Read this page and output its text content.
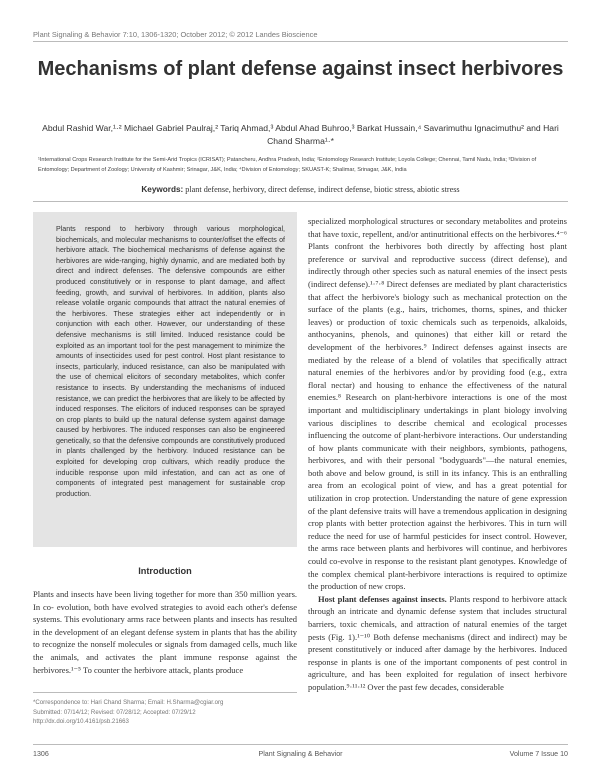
Plant Signaling & Behavior 7:10, 1306-1320; October 2012; © 2012 Landes Bioscience
Mechanisms of plant defense against insect herbivores
Abdul Rashid War,¹·² Michael Gabriel Paulraj,² Tariq Ahmad,³ Abdul Ahad Buhroo,³ Barkat Hussain,⁴ Savarimuthu Ignacimuthu² and Hari Chand Sharma¹·*
¹International Crops Research Institute for the Semi-Arid Tropics (ICRISAT); Patancheru, Andhra Pradesh, India; ²Entomology Research Institute; Loyola College; Chennai, Tamil Nadu, India; ³Division of Entomology; Department of Zoology; University of Kashmir; Srinagar, J&K, India; ⁴Division of Entomology; SKUAST-K; Shalimar, Srinagar, J&K, India
Keywords: plant defense, herbivory, direct defense, indirect defense, biotic stress, abiotic stress

Plants respond to herbivory through various morphological, biochemicals, and molecular mechanisms to counter/offset the effects of herbivore attack. The biochemical mechanisms of defense against the herbivores are wide-ranging, highly dynamic, and are mediated both by direct and indirect defenses. The defensive compounds are either produced constitutively or in response to plant damage, and affect feeding, growth, and survival of herbivores. In addition, plants also release volatile organic compounds that attract the natural enemies of the herbivores. These strategies either act independently or in conjunction with each other. However, our understanding of these defensive mechanisms is still limited. Induced resistance could be exploited as an important tool for the pest management to minimize the amounts of insecticides used for pest control. Host plant resistance to insects, particularly, induced resistance, can also be manipulated with the use of chemical elicitors of secondary metabolites, which confer resistance to insects. By understanding the mechanisms of induced resistance, we can predict the herbivores that are likely to be affected by induced responses. The elicitors of induced responses can be sprayed on crop plants to build up the natural defense system against damage caused by herbivores. The induced responses can also be engineered genetically, so that the defensive compounds are constitutively produced in plants challenged by the herbivory. Induced resistance can be exploited for developing crop cultivars, which readily produce the inducible response upon mild infestation, and can act as one of components of integrated pest management for sustainable crop production.

Introduction

Plants and insects have been living together for more than 350 million years. In co- evolution, both have evolved strategies to avoid each other's defense systems. This evolutionary arms race between plants and insects has resulted in the development of an elegant defense system in plants that has the ability to recognize the nonself molecules or signals from damaged cells, much like the animals, and activates the plant immune response against the herbivores.¹⁻⁵ To counter the herbivore attack, plants produce

specialized morphological structures or secondary metabolites and proteins that have toxic, repellent, and/or antinutritional effects on the herbivores.⁴⁻⁶ Plants confront the herbivores both directly by affecting host plant preference or survival and reproductive success (direct defense), and indirectly through other species such as natural enemies of the insect pests (indirect defense).¹·⁷·⁸ Direct defenses are mediated by plant characteristics that affect the herbivore's biology such as mechanical protection on the surface of the plants (e.g., hairs, trichomes, thorns, spines, and thicker leaves) or production of toxic chemicals such as terpenoids, alkaloids, anthocyanins, phenols, and quinones) that either kill or retard the development of the herbivores.⁹ Indirect defenses against insects are mediated by the release of a blend of volatiles that specifically attract natural enemies of the herbivores and/or by providing food (e.g., extra floral nectar) and housing to enhance the effectiveness of the natural enemies.⁸ Research on plant-herbivore interactions is one of the most important and multidisciplinary undertakings in plant biology involving various disciplines to describe chemical and ecological processes influencing the outcome of plant-herbivore interactions. Our understanding of how plants communicate with their neighbors, symbionts, pathogens, herbivores, and with their personal "bodyguards"—the natural enemies, both above and below ground, is still in its infancy. This is an enthralling area from an ecological point of view, and has a great potential for utilization in crop protection. Understanding the nature of gene expression of the plant defensive traits will have a tremendous application in designing crop plants with better protection against the herbivores. This in turn will reduce the need for use of harmful pesticides for insect control. However, the arms race between plants and herbivores will continue, and herbivores could co-evolve in response to the resistant plant genotypes. Knowledge of the complex chemical plant-herbivore interactions is required to optimize the production of new crops.

Host plant defenses against insects. Plants respond to herbivore attack through an intricate and dynamic defense system that includes structural barriers, toxic chemicals, and attraction of natural enemies of the target pests (Fig. 1).¹⁻¹⁰ Both defense mechanisms (direct and indirect) may be present constitutively or induced after damage by the herbivores. Induced response in plants is one of the important components of pest control in agriculture, and has been exploited for regulation of insect herbivore population.⁹·¹¹·¹² Over the past few decades, considerable

*Correspondence to: Hari Chand Sharma; Email: H.Sharma@cgiar.org
Submitted: 07/14/12; Revised: 07/28/12; Accepted: 07/29/12
http://dx.doi.org/10.4161/psb.21663
1306	Plant Signaling & Behavior	Volume 7 Issue 10
